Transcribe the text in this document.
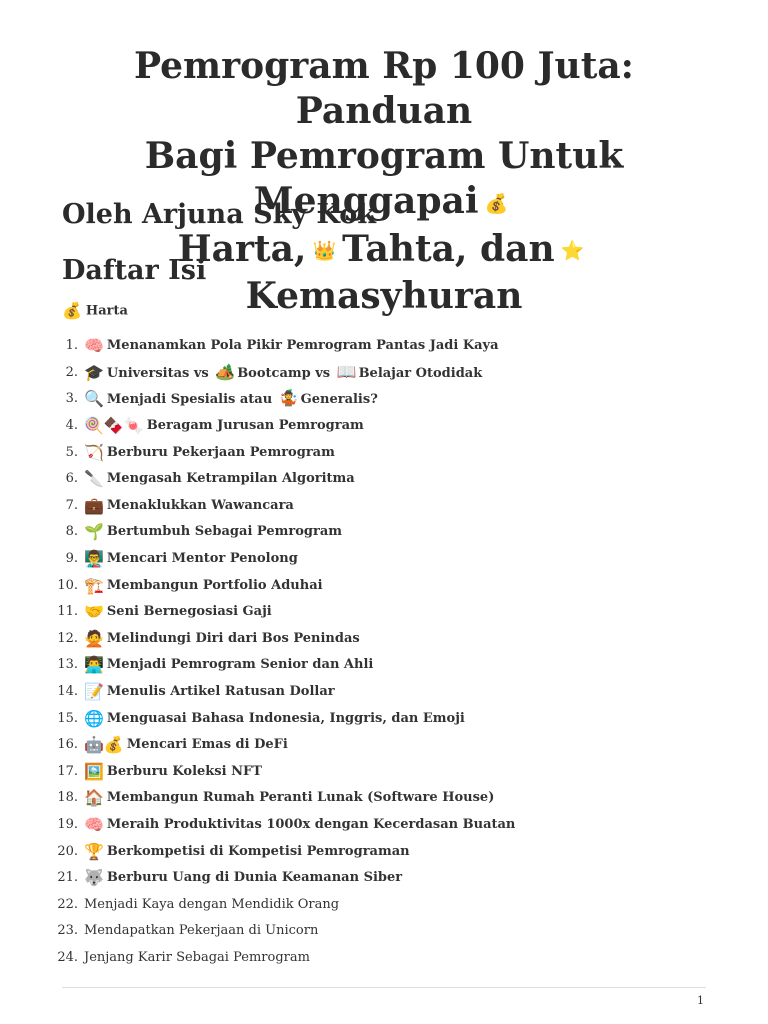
Pemrogram Rp 100 Juta: Panduan
Bagi Pemrogram Untuk Menggapai 💰
Harta, 👑 Tahta, dan ⭐Kemasyhuran
Oleh Arjuna Sky Kok
Daftar Isi
💰 Harta
1. 🧠 Menanamkan Pola Pikir Pemrogram Pantas Jadi Kaya
2. 🎓 Universitas vs 🏕️ Bootcamp vs 📖 Belajar Otodidak
3. 🔍 Menjadi Spesialis atau 🤹 Generalis?
4. 🍭🍫🍬 Beragam Jurusan Pemrogram
5. 🏹 Berburu Pekerjaan Pemrogram
6. 🔪 Mengasah Ketrampilan Algoritma
7. 💼 Menaklukkan Wawancara
8. 🌱 Bertumbuh Sebagai Pemrogram
9. 👨‍🏫 Mencari Mentor Penolong
10. 🏗️ Membangun Portfolio Aduhai
11. 🤝 Seni Bernegosiasi Gaji
12. 🙅 Melindungi Diri dari Bos Penindas
13. 👨‍💻 Menjadi Pemrogram Senior dan Ahli
14. 📝 Menulis Artikel Ratusan Dollar
15. 🌐 Menguasai Bahasa Indonesia, Inggris, dan Emoji
16. 🤖💰 Mencari Emas di DeFi
17. 🖼️ Berburu Koleksi NFT
18. 🏠 Membangun Rumah Peranti Lunak (Software House)
19. 🧠 Meraih Produktivitas 1000x dengan Kecerdasan Buatan
20. 🏆 Berkompetisi di Kompetisi Pemrograman
21. 🐺 Berburu Uang di Dunia Keamanan Siber
22. Menjadi Kaya dengan Mendidik Orang
23. Mendapatkan Pekerjaan di Unicorn
24. Jenjang Karir Sebagai Pemrogram
1
